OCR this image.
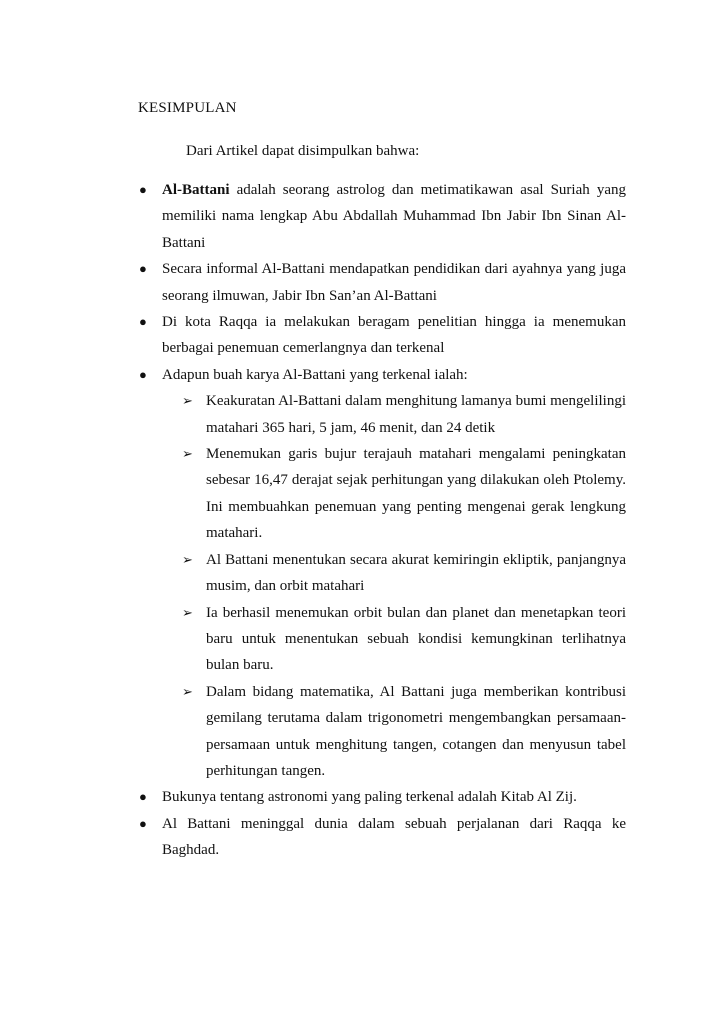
KESIMPULAN
Dari Artikel dapat disimpulkan bahwa:
● Al-Battani adalah seorang astrolog dan metimatikawan asal Suriah yang memiliki nama lengkap Abu Abdallah Muhammad Ibn Jabir Ibn Sinan Al-Battani
● Secara informal Al-Battani mendapatkan pendidikan dari ayahnya yang juga seorang ilmuwan, Jabir Ibn San’an Al-Battani
● Di kota Raqqa ia melakukan beragam penelitian hingga ia menemukan berbagai penemuan cemerlangnya dan terkenal
● Adapun buah karya Al-Battani yang terkenal ialah:
➢ Keakuratan Al-Battani dalam menghitung lamanya bumi mengelilingi matahari 365 hari, 5 jam, 46 menit, dan 24 detik
➢ Menemukan garis bujur terajauh matahari mengalami peningkatan sebesar 16,47 derajat sejak perhitungan yang dilakukan oleh Ptolemy. Ini membuahkan penemuan yang penting mengenai gerak lengkung matahari.
➢ Al Battani menentukan secara akurat kemiringin ekliptik, panjangnya musim, dan orbit matahari
➢ Ia berhasil menemukan orbit bulan dan planet dan menetapkan teori baru untuk menentukan sebuah kondisi kemungkinan terlihatnya bulan baru.
➢ Dalam bidang matematika, Al Battani juga memberikan kontribusi gemilang terutama dalam trigonometri mengembangkan persamaan-persamaan untuk menghitung tangen, cotangen dan menyusun tabel perhitungan tangen.
● Bukunya tentang astronomi yang paling terkenal adalah Kitab Al Zij.
● Al Battani meninggal dunia dalam sebuah perjalanan dari Raqqa ke Baghdad.
